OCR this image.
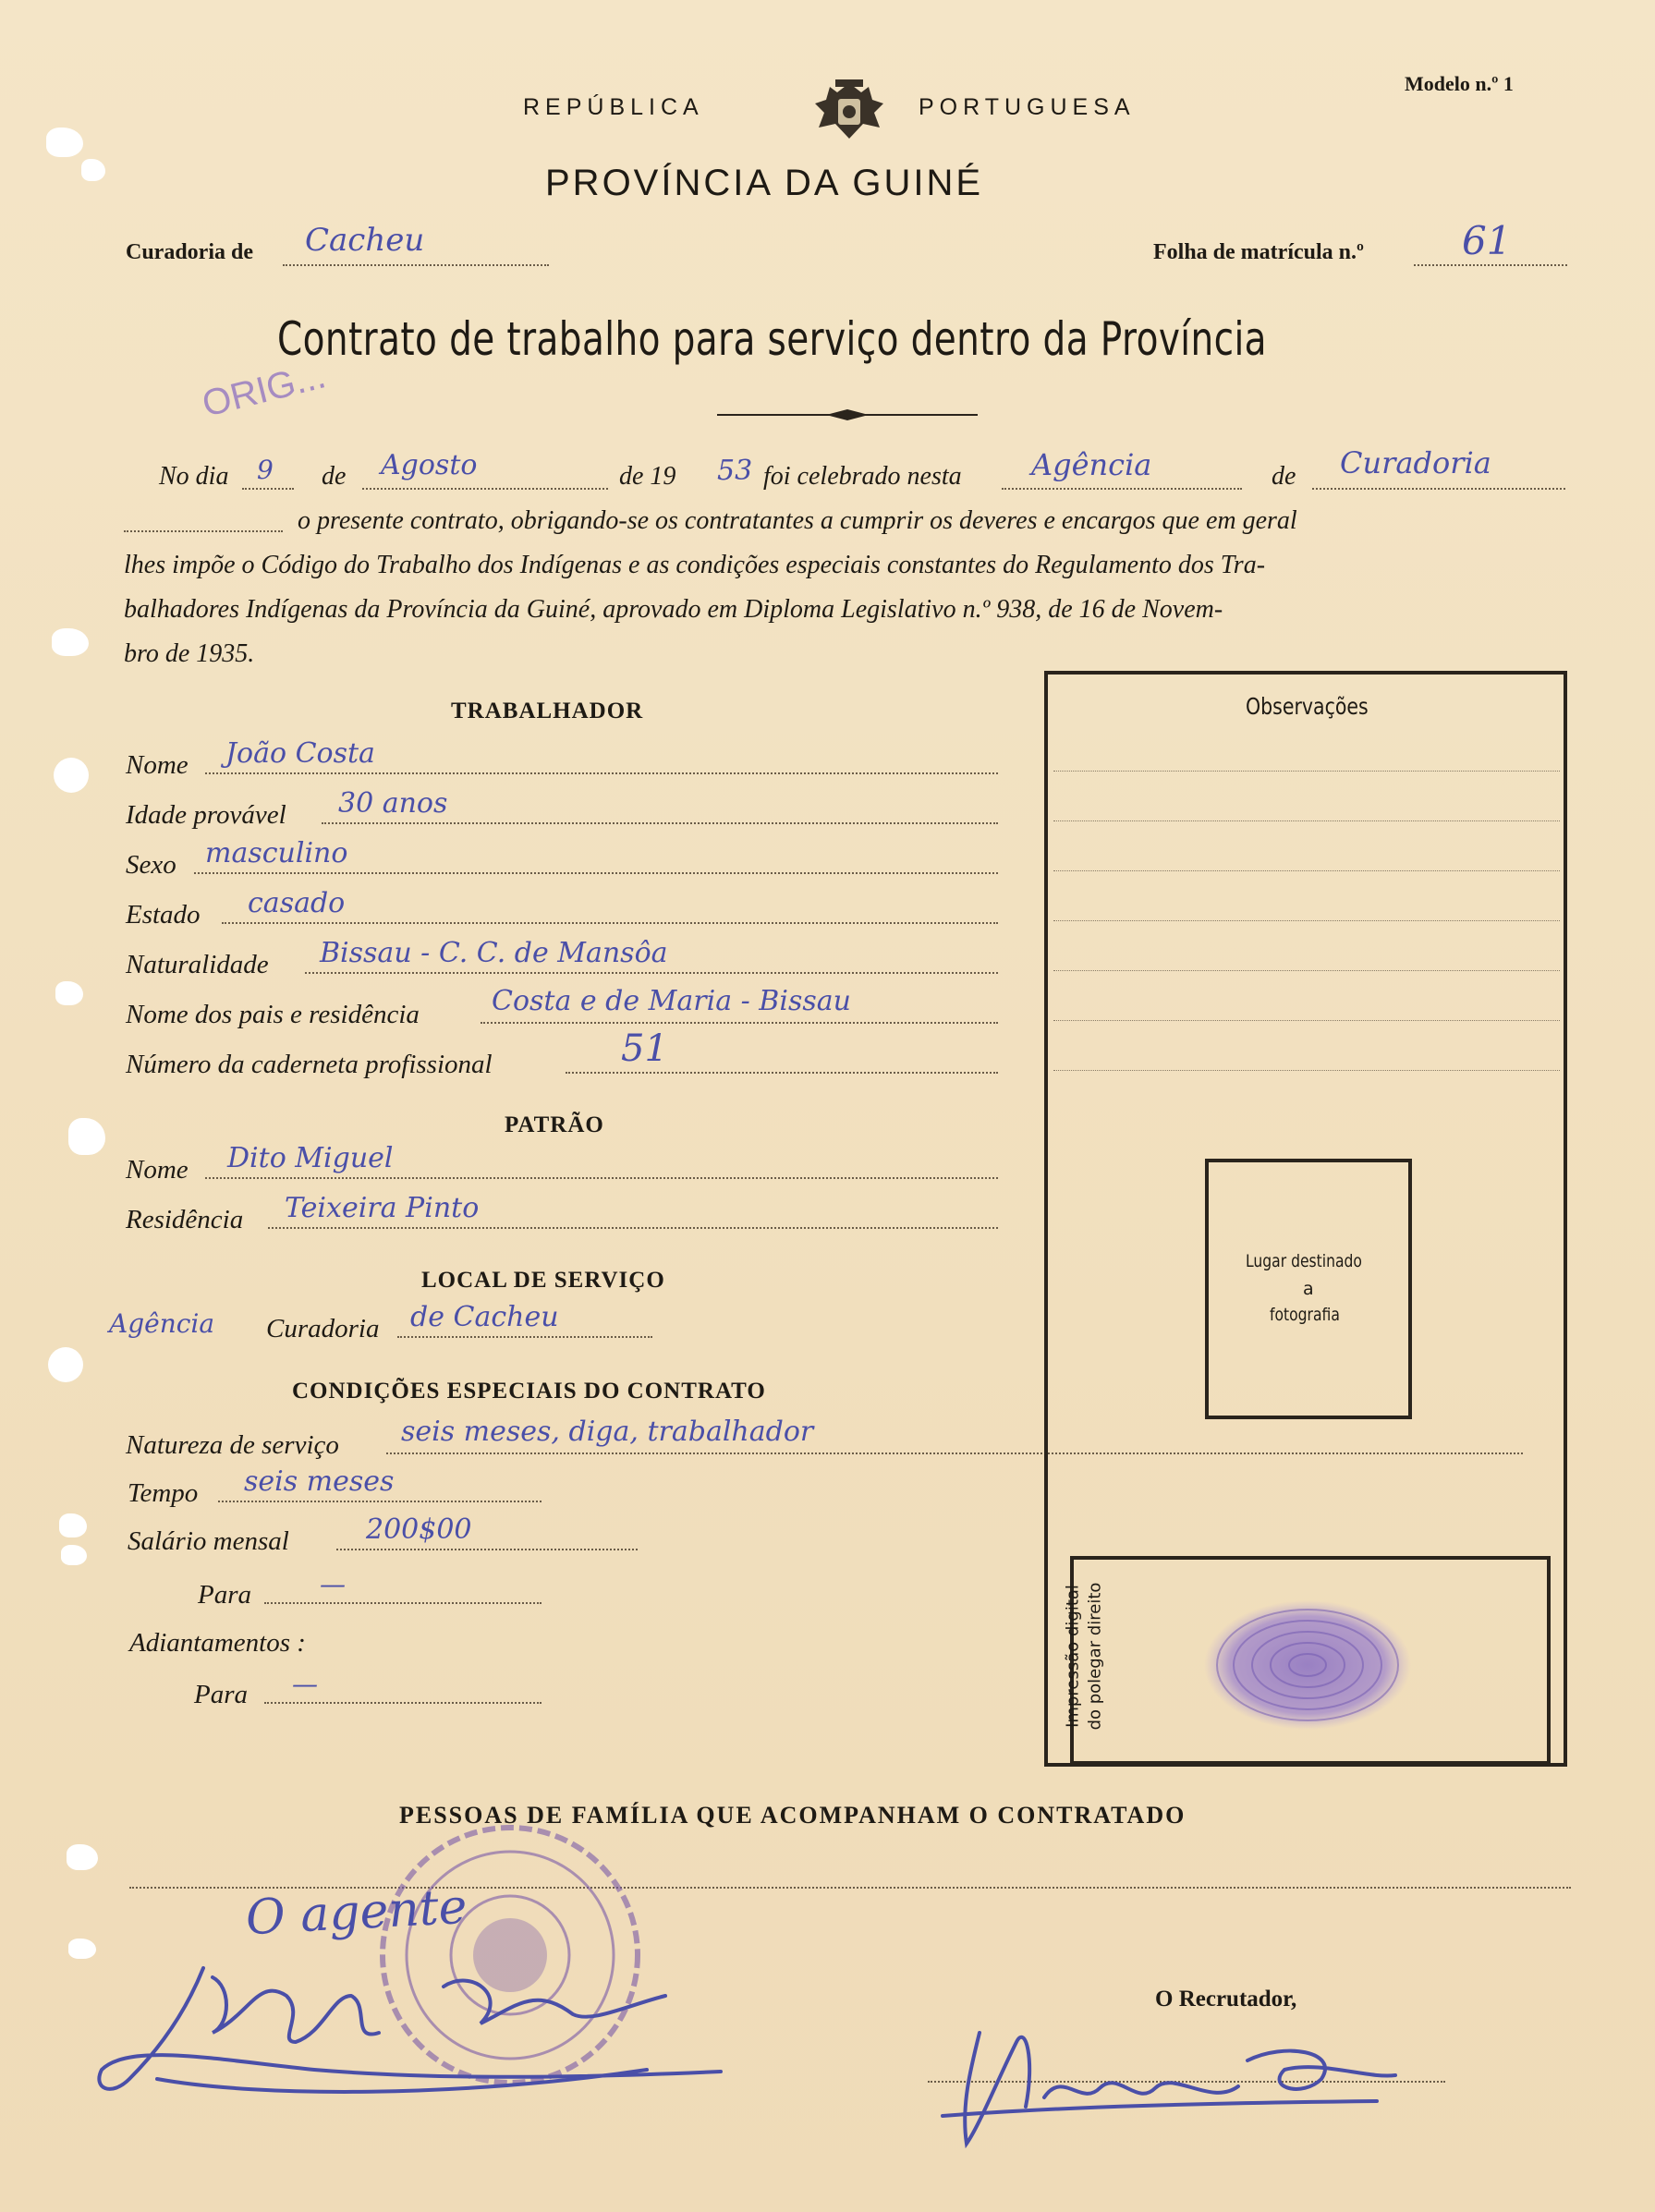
Modelo n.º 1
REPÚBLICA	PORTUGUESA
PROVÍNCIA DA GUINÉ
Curadoria de Cacheu	Folha de matrícula n.º	61
Contrato de trabalho para serviço dentro da Província
ORIG...
No dia 9 de Agosto	de 19 53 foi celebrado nesta Agência	de Curadoria
o presente contrato, obrigando-se os contratantes a cumprir os deveres e encargos que em geral
lhes impõe o Código do Trabalho dos Indígenas e as condições especiais constantes do Regulamento dos Tra-
balhadores Indígenas da Província da Guiné, aprovado em Diploma Legislativo n.º 938, de 16 de Novem-
bro de 1935.
TRABALHADOR
Nome João Costa
Idade provável 30 anos
Sexo masculino
Estado casado
Naturalidade Bissau - C. C. de Mansôa
Nome dos pais e residência	Costa e de Maria - Bissau
Número da caderneta profissional	51
PATRÃO
Nome Dito Miguel
Residência Teixeira Pinto
LOCAL DE SERVIÇO
Agência Curadoria de Cacheu
CONDIÇÕES ESPECIAIS DO CONTRATO
Natureza de serviço seis meses, diga, trabalhador
Tempo seis meses
Salário mensal	200$00
Para	—
Adiantamentos :
Para —
Observações
Lugar destinado
a
fotografia
Impressão digital do polegar direito
PESSOAS DE FAMÍLIA QUE ACOMPANHAM O CONTRATADO
O agente
O Recrutador,
